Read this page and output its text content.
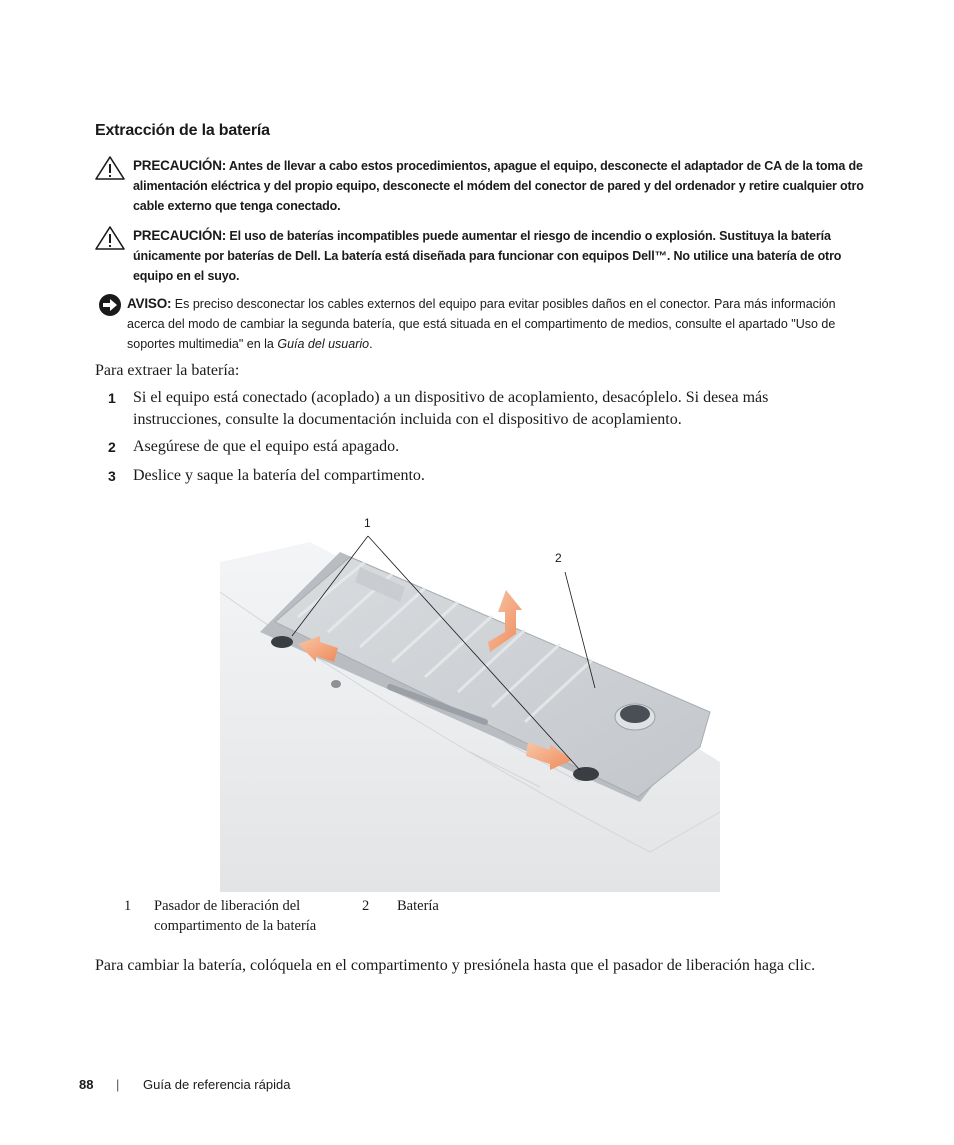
Extracción de la batería
PRECAUCIÓN: Antes de llevar a cabo estos procedimientos, apague el equipo, desconecte el adaptador de CA de la toma de alimentación eléctrica y del propio equipo, desconecte el módem del conector de pared y del ordenador y retire cualquier otro cable externo que tenga conectado.
PRECAUCIÓN: El uso de baterías incompatibles puede aumentar el riesgo de incendio o explosión. Sustituya la batería únicamente por baterías de Dell. La batería está diseñada para funcionar con equipos Dell™. No utilice una batería de otro equipo en el suyo.
AVISO: Es preciso desconectar los cables externos del equipo para evitar posibles daños en el conector. Para más información acerca del modo de cambiar la segunda batería, que está situada en el compartimento de medios, consulte el apartado "Uso de soportes multimedia" en la Guía del usuario.
Para extraer la batería:
1 Si el equipo está conectado (acoplado) a un dispositivo de acoplamiento, desacóplelo. Si desea más instrucciones, consulte la documentación incluida con el dispositivo de acoplamiento.
2 Asegúrese de que el equipo está apagado.
3 Deslice y saque la batería del compartimento.
1
2
1 Pasador de liberación del compartimento de la batería
2 Batería
Para cambiar la batería, colóquela en el compartimento y presiónela hasta que el pasador de liberación haga clic.
88 | Guía de referencia rápida
